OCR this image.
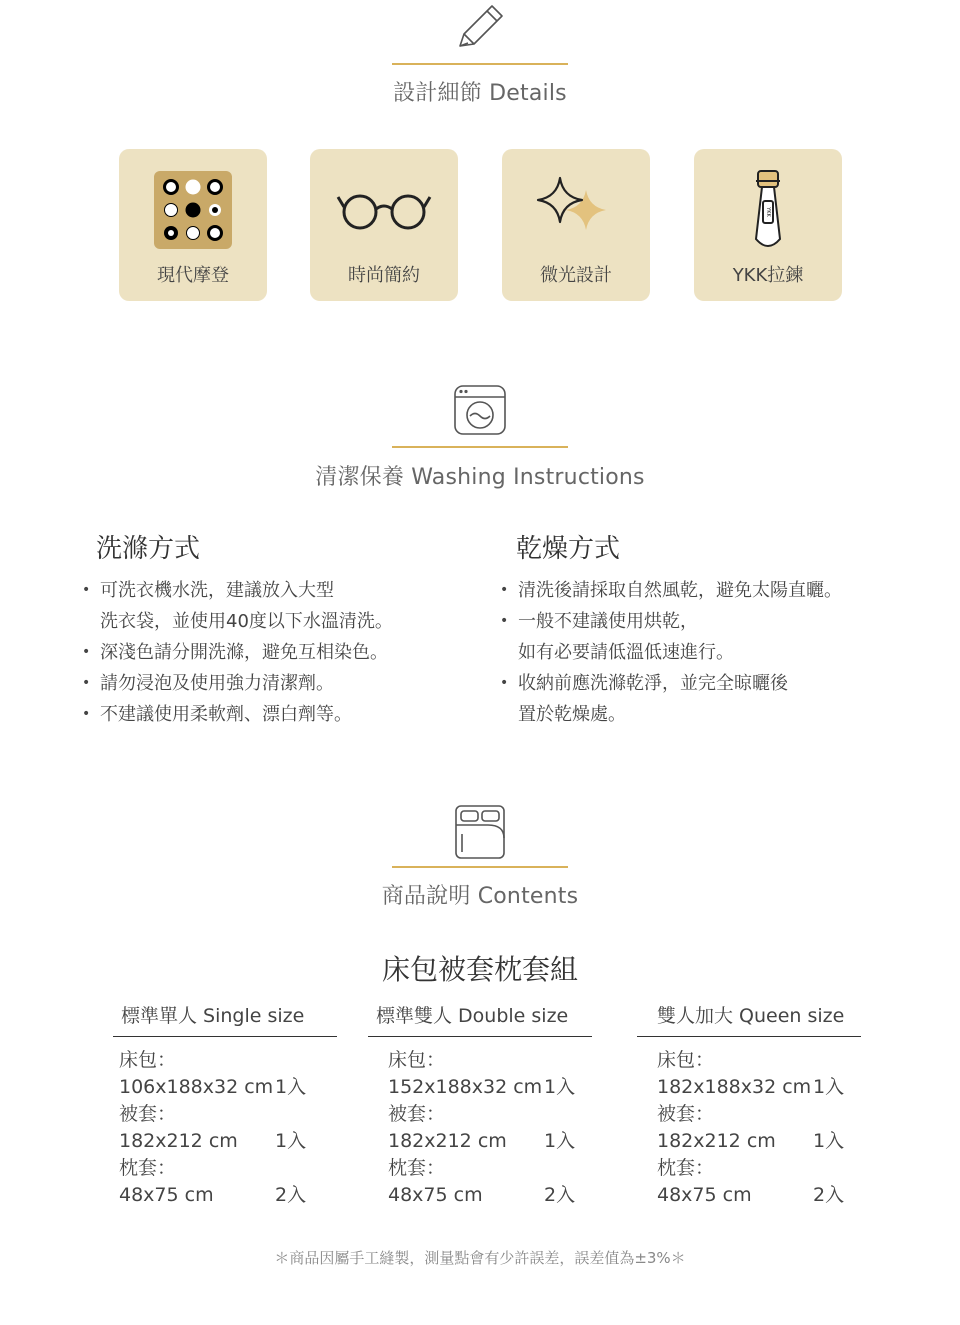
設計細節 Details
現代摩登	時尚簡約	微光設計
YKK
YKK拉鍊
清潔保養 Washing Instructions
洗滌方式
• 可洗衣機水洗，建議放入大型
洗衣袋，並使用40度以下水溫清洗。
• 深淺色請分開洗滌，避免互相染色。
• 請勿浸泡及使用強力清潔劑。
• 不建議使用柔軟劑、漂白劑等。
乾燥方式
• 清洗後請採取自然風乾，避免太陽直曬。
• 一般不建議使用烘乾，
如有必要請低溫低速進行。
• 收納前應洗滌乾淨，並完全晾曬後
置於乾燥處。
商品說明 Contents
床包被套枕套組
標準單人 Single size
床包：
106x188x32 cm 1入
被套：
182x212 cm 1入
枕套：
48x75 cm	2入
標準雙人 Double size
床包：
152x188x32 cm 1入
被套：
182x212 cm 1入
枕套：
48x75 cm	2入
雙人加大 Queen size
床包：
182x188x32 cm 1入
被套：
182x212 cm 1入
枕套：
48x75 cm	2入
＊商品因屬手工縫製，測量點會有少許誤差，誤差值為±3%＊
